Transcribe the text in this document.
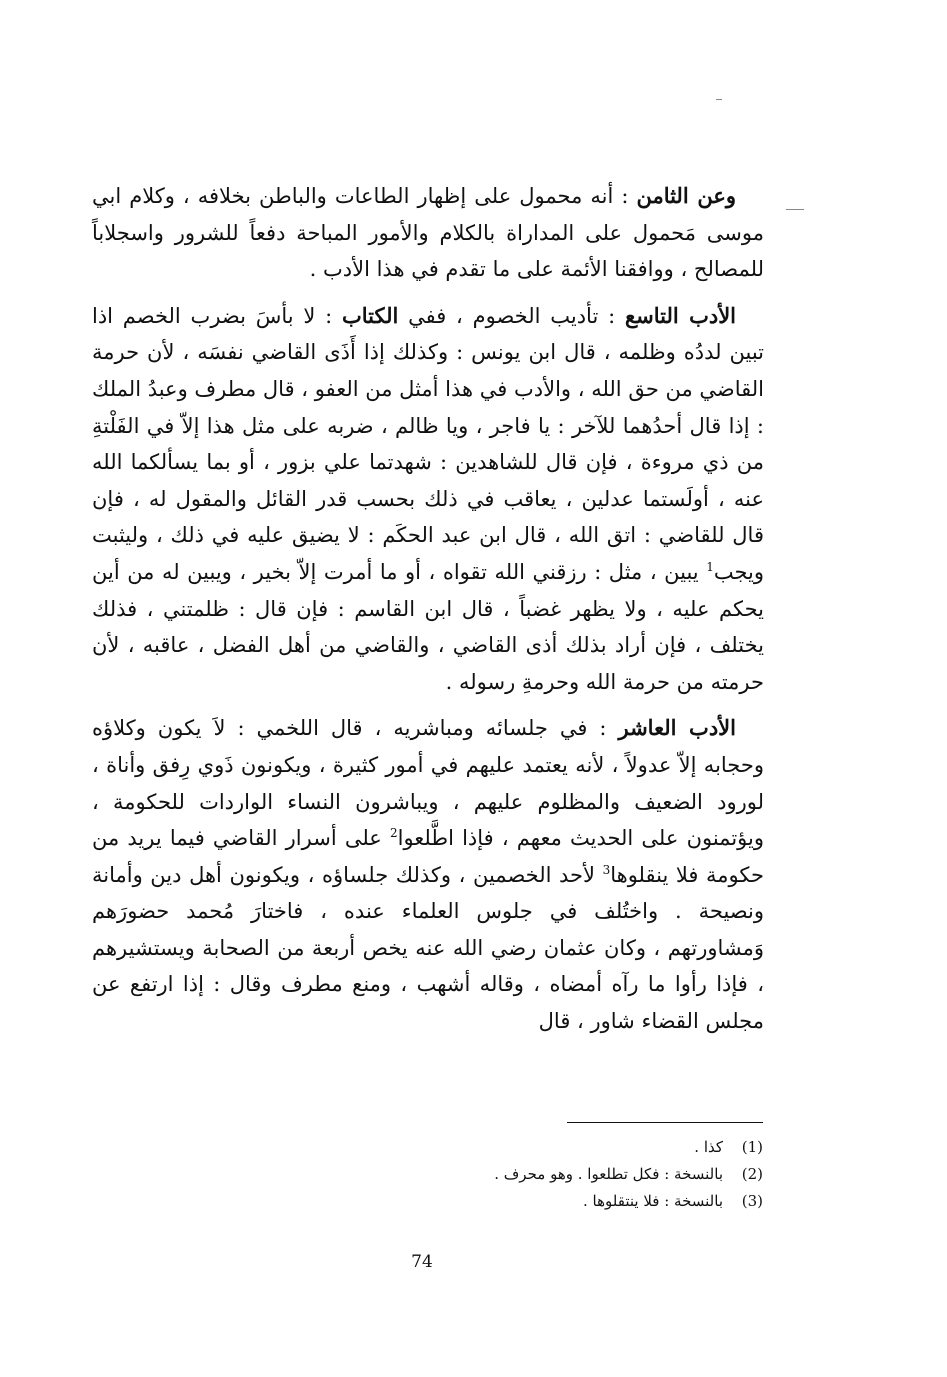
وعن الثامن : أنه محمول على إظهار الطاعات والباطن بخلافه ، وكلام ابي موسى مَحمول على المداراة بالكلام والأمور المباحة دفعاً للشرور واسجلاباً للمصالح ، ووافقنا الأئمة على ما تقدم في هذا الأدب .

الأدب التاسع : تأديب الخصوم ، ففي الكتاب : لا بأسَ بضرب الخصم اذا تبين لددُه وظلمه ، قال ابن يونس : وكذلك إذا أَذَى القاضي نفسَه ، لأن حرمة القاضي من حق الله ، والأدب في هذا أمثل من العفو ، قال مطرف وعبدُ الملك : إذا قال أحدُهما للآخر : يا فاجر ، ويا ظالم ، ضربه على مثل هذا إلاّ في الفَلْتةِ من ذي مروءة ، فإن قال للشاهدين : شهدتما علي بزور ، أو بما يسألكما الله عنه ، أولَستما عدلين ، يعاقب في ذلك بحسب قدر القائل والمقول له ، فإن قال للقاضي : اتق الله ، قال ابن عبد الحكَم : لا يضيق عليه في ذلك ، وليثبت ويجب$^1$ يبين ، مثل : رزقني الله تقواه ، أو ما أمرت إلاّ بخير ، ويبين له من أين يحكم عليه ، ولا يظهر غضباً ، قال ابن القاسم : فإن قال : ظلمتني ، فذلك يختلف ، فإن أراد بذلك أذى القاضي ، والقاضي من أهل الفضل ، عاقبه ، لأن حرمته من حرمة الله وحرمةِ رسوله .

الأدب العاشر : في جلسائه ومباشريه ، قال اللخمي : لاَ يكون وكلاؤه وحجابه إلاّ عدولاً ، لأنه يعتمد عليهم في أمور كثيرة ، ويكونون ذَوي رِفق وأناة ، لورود الضعيف والمظلوم عليهم ، ويباشرون النساء الواردات للحكومة ، ويؤتمنون على الحديث معهم ، فإذا اطَّلعوا$^2$ على أسرار القاضي فيما يريد من حكومة فلا ينقلوها$^3$ لأحد الخصمين ، وكذلك جلساؤه ، ويكونون أهل دين وأمانة ونصيحة . واختُلف في جلوس العلماء عنده ، فاختارَ مُحمد حضورَهم وَمشاورتهم ، وكان عثمان رضي الله عنه يخص أربعة من الصحابة ويستشيرهم ، فإذا رأوا ما رآه أمضاه ، وقاله أشهب ، ومنع مطرف وقال : إذا ارتفع عن مجلس القضاء شاور ، قال

(1)
كذا .
(2)
بالنسخة : فكل تطلعوا . وهو محرف .
(3)
بالنسخة : فلا ينتقلوها .
74
